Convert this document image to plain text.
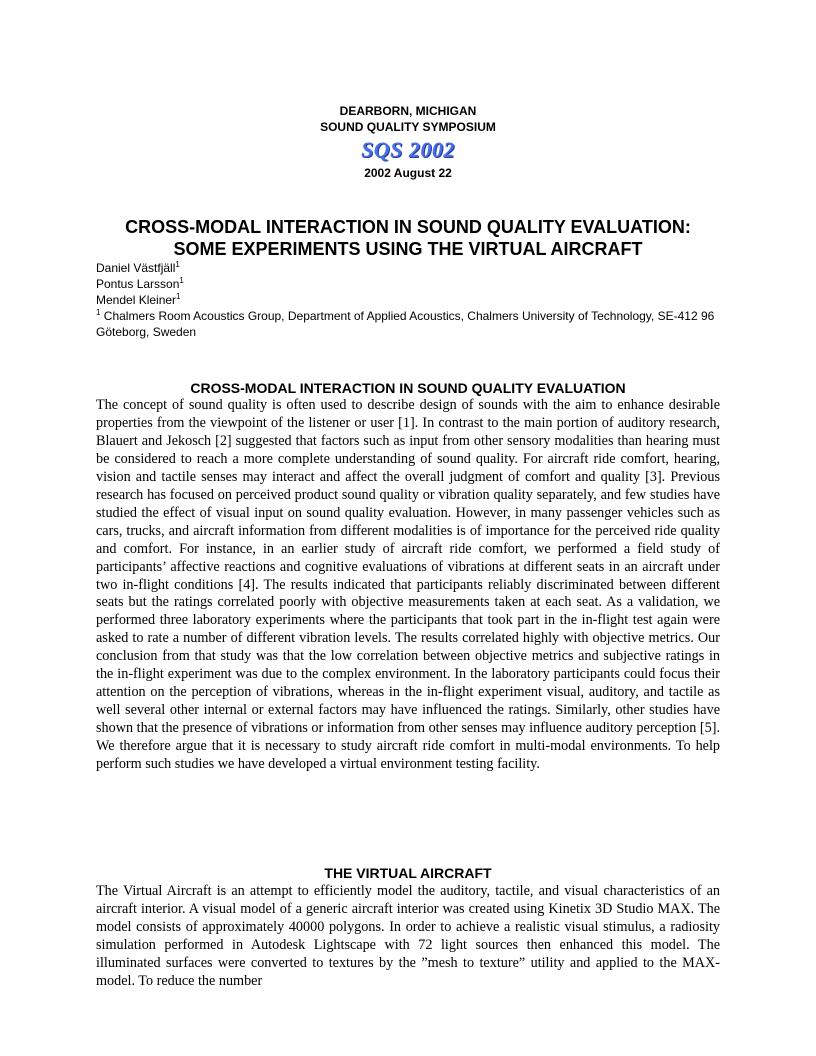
DEARBORN, MICHIGAN
SOUND QUALITY SYMPOSIUM
SQS 2002
2002 August 22
CROSS-MODAL INTERACTION IN SOUND QUALITY EVALUATION:
SOME EXPERIMENTS USING THE VIRTUAL AIRCRAFT
Daniel Västfjäll$^1$
Pontus Larsson$^1$
Mendel Kleiner$^1$
$^1$ Chalmers Room Acoustics Group, Department of Applied Acoustics, Chalmers University of Technology, SE-412 96 Göteborg, Sweden
CROSS-MODAL INTERACTION IN SOUND QUALITY EVALUATION

The concept of sound quality is often used to describe design of sounds with the aim to enhance desirable properties from the viewpoint of the listener or user [1]. In contrast to the main portion of auditory research, Blauert and Jekosch [2] suggested that factors such as input from other sensory modalities than hearing must be considered to reach a more complete understanding of sound quality. For aircraft ride comfort, hearing, vision and tactile senses may interact and affect the overall judgment of comfort and quality [3]. Previous research has focused on perceived product sound quality or vibration quality separately, and few studies have studied the effect of visual input on sound quality evaluation. However, in many passenger vehicles such as cars, trucks, and aircraft information from different modalities is of importance for the perceived ride quality and comfort. For instance, in an earlier study of aircraft ride comfort, we performed a field study of participants’ affective reactions and cognitive evaluations of vibrations at different seats in an aircraft under two in-flight conditions [4]. The results indicated that participants reliably discriminated between different seats but the ratings correlated poorly with objective measurements taken at each seat. As a validation, we performed three laboratory experiments where the participants that took part in the in-flight test again were asked to rate a number of different vibration levels. The results correlated highly with objective metrics. Our conclusion from that study was that the low correlation between objective metrics and subjective ratings in the in-flight experiment was due to the complex environment. In the laboratory participants could focus their attention on the perception of vibrations, whereas in the in-flight experiment visual, auditory, and tactile as well several other internal or external factors may have influenced the ratings. Similarly, other studies have shown that the presence of vibrations or information from other senses may influence auditory perception [5]. We therefore argue that it is necessary to study aircraft ride comfort in multi-modal environments. To help perform such studies we have developed a virtual environment testing facility.

THE VIRTUAL AIRCRAFT

The Virtual Aircraft is an attempt to efficiently model the auditory, tactile, and visual characteristics of an aircraft interior. A visual model of a generic aircraft interior was created using Kinetix 3D Studio MAX. The model consists of approximately 40000 polygons. In order to achieve a realistic visual stimulus, a radiosity simulation performed in Autodesk Lightscape with 72 light sources then enhanced this model. The illuminated surfaces were converted to textures by the ”mesh to texture” utility and applied to the MAX-model. To reduce the number
